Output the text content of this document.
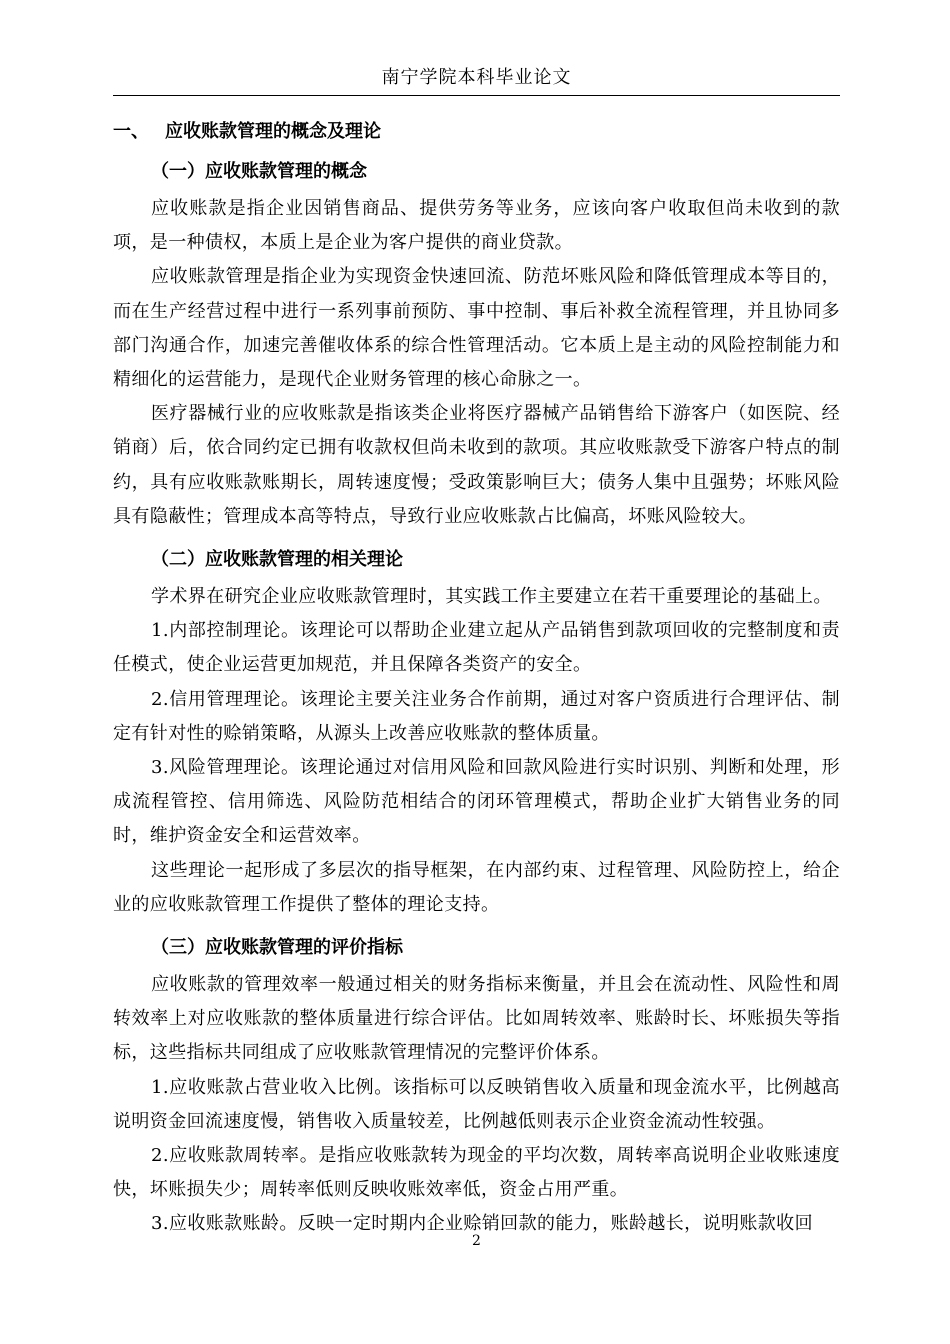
南宁学院本科毕业论文

一、 应收账款管理的概念及理论

（一）应收账款管理的概念

应收账款是指企业因销售商品、提供劳务等业务，应该向客户收取但尚未收到的款项，是一种债权，本质上是企业为客户提供的商业贷款。

应收账款管理是指企业为实现资金快速回流、防范坏账风险和降低管理成本等目的，而在生产经营过程中进行一系列事前预防、事中控制、事后补救全流程管理，并且协同多部门沟通合作，加速完善催收体系的综合性管理活动。它本质上是主动的风险控制能力和精细化的运营能力，是现代企业财务管理的核心命脉之一。

医疗器械行业的应收账款是指该类企业将医疗器械产品销售给下游客户（如医院、经销商）后，依合同约定已拥有收款权但尚未收到的款项。其应收账款受下游客户特点的制约，具有应收账款账期长，周转速度慢；受政策影响巨大；债务人集中且强势；坏账风险具有隐蔽性；管理成本高等特点，导致行业应收账款占比偏高，坏账风险较大。

（二）应收账款管理的相关理论

学术界在研究企业应收账款管理时，其实践工作主要建立在若干重要理论的基础上。

1.内部控制理论。该理论可以帮助企业建立起从产品销售到款项回收的完整制度和责任模式，使企业运营更加规范，并且保障各类资产的安全。

2.信用管理理论。该理论主要关注业务合作前期，通过对客户资质进行合理评估、制定有针对性的赊销策略，从源头上改善应收账款的整体质量。

3.风险管理理论。该理论通过对信用风险和回款风险进行实时识别、判断和处理，形成流程管控、信用筛选、风险防范相结合的闭环管理模式，帮助企业扩大销售业务的同时，维护资金安全和运营效率。

这些理论一起形成了多层次的指导框架，在内部约束、过程管理、风险防控上，给企业的应收账款管理工作提供了整体的理论支持。

（三）应收账款管理的评价指标

应收账款的管理效率一般通过相关的财务指标来衡量，并且会在流动性、风险性和周转效率上对应收账款的整体质量进行综合评估。比如周转效率、账龄时长、坏账损失等指标，这些指标共同组成了应收账款管理情况的完整评价体系。

1.应收账款占营业收入比例。该指标可以反映销售收入质量和现金流水平，比例越高说明资金回流速度慢，销售收入质量较差，比例越低则表示企业资金流动性较强。

2.应收账款周转率。是指应收账款转为现金的平均次数，周转率高说明企业收账速度快，坏账损失少；周转率低则反映收账效率低，资金占用严重。

3.应收账款账龄。反映一定时期内企业赊销回款的能力，账龄越长，说明账款收回

2
